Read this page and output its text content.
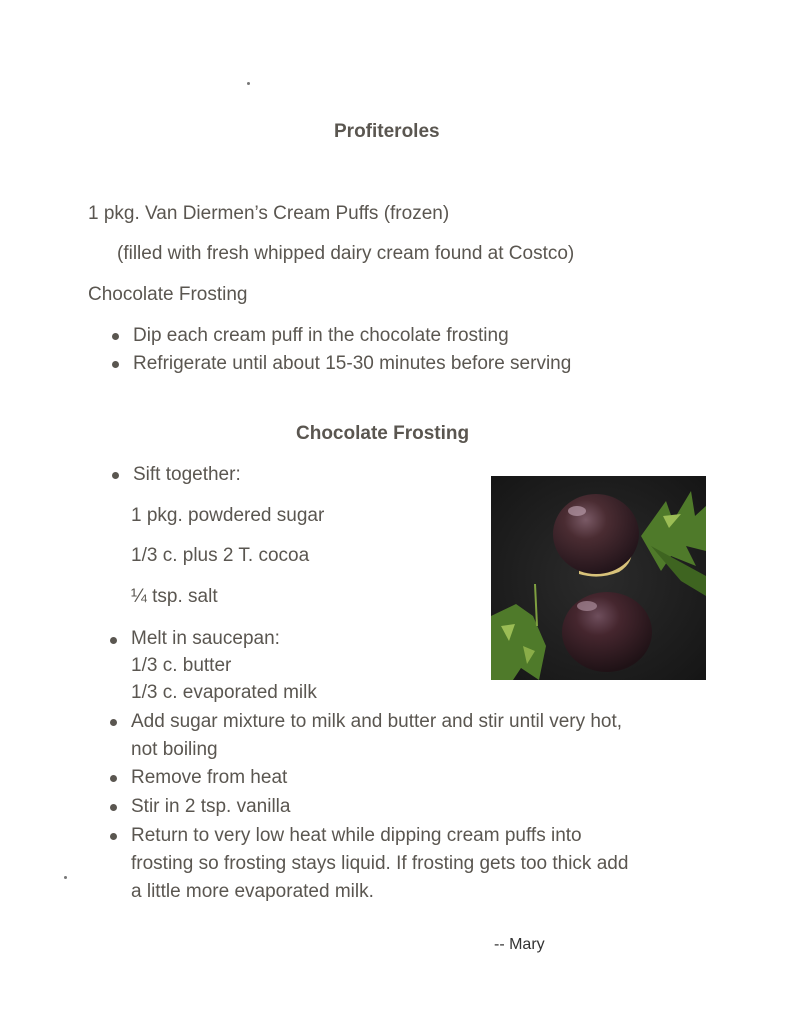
Profiteroles
1 pkg. Van Diermen’s Cream Puffs (frozen)
(filled with fresh whipped dairy cream found at Costco)
Chocolate Frosting
Dip each cream puff in the chocolate frosting
Refrigerate until about 15-30 minutes before serving
Chocolate Frosting
Sift together:
1 pkg. powdered sugar
1/3 c. plus 2 T. cocoa
¼ tsp. salt
Melt in saucepan:
1/3 c. butter
1/3 c. evaporated milk
Add sugar mixture to milk and butter and stir until very hot,
not boiling
Remove from heat
Stir in 2 tsp. vanilla
Return to very low heat while dipping cream puffs into
frosting so frosting stays liquid. If frosting gets too thick add
a little more evaporated milk.
-- Mary
